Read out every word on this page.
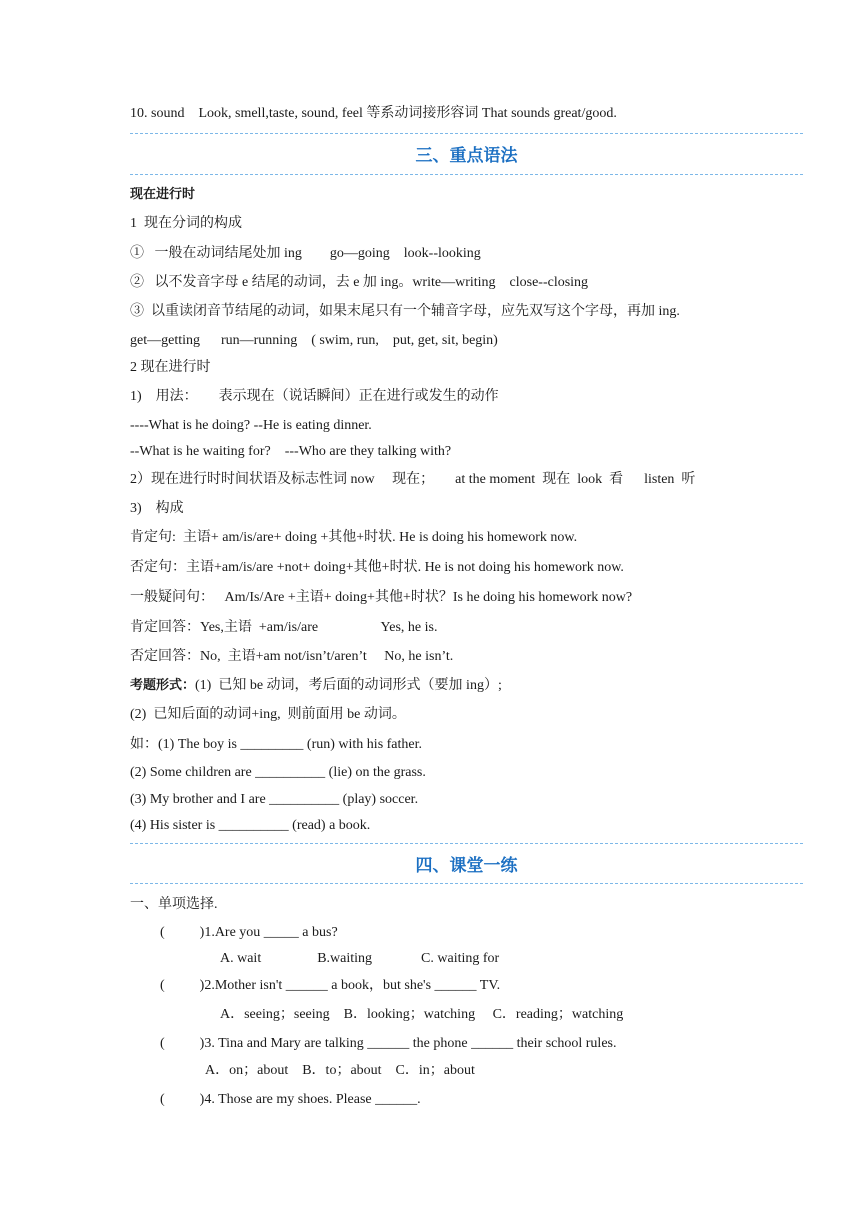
10. sound    Look, smell,taste, sound, feel 等系动词接形容词 That sounds great/good.
三、重点语法
现在进行时
1  现在分词的构成
①   一般在动词结尾处加 ing        go—going    look--looking
②   以不发音字母 e 结尾的动词，去 e 加 ing。write—writing    close--closing
③  以重读闭音节结尾的动词，如果末尾只有一个辅音字母，应先双写这个字母，再加 ing.
get—getting      run—running    ( swim, run,    put, get, sit, begin)
2 现在进行时
1)    用法：      表示现在（说话瞬间）正在进行或发生的动作
----What is he doing? --He is eating dinner.
--What is he waiting for?    ---Who are they talking with?
2）现在进行时时间状语及标志性词 now     现在；      at the moment  现在  look  看      listen  听
3)    构成
肯定句:  主语+ am/is/are+ doing +其他+时状. He is doing his homework now.
否定句：主语+am/is/are +not+ doing+其他+时状. He is not doing his homework now.
一般疑问句：   Am/Is/Are +主语+ doing+其他+时状？Is he doing his homework now?
肯定回答：Yes,主语  +am/is/are                  Yes, he is.
否定回答：No,  主语+am not/isn’t/aren’t     No, he isn’t.
考题形式：(1)  已知 be 动词，考后面的动词形式（要加 ing）;
(2)  已知后面的动词+ing,  则前面用 be 动词。
如：(1) The boy is _________ (run) with his father.
(2) Some children are __________ (lie) on the grass.
(3) My brother and I are __________ (play) soccer.
(4) His sister is __________ (read) a book.
四、课堂一练
一、单项选择.
(          )1.Are you _____ a bus?
A. wait                B.waiting              C. waiting for
(          )2.Mother isn't ______ a book，but she's ______ TV.
A．seeing；seeing    B．looking；watching     C．reading；watching
(          )3. Tina and Mary are talking ______ the phone ______ their school rules.
A．on；about    B．to；about    C．in；about
(          )4. Those are my shoes. Please ______.
